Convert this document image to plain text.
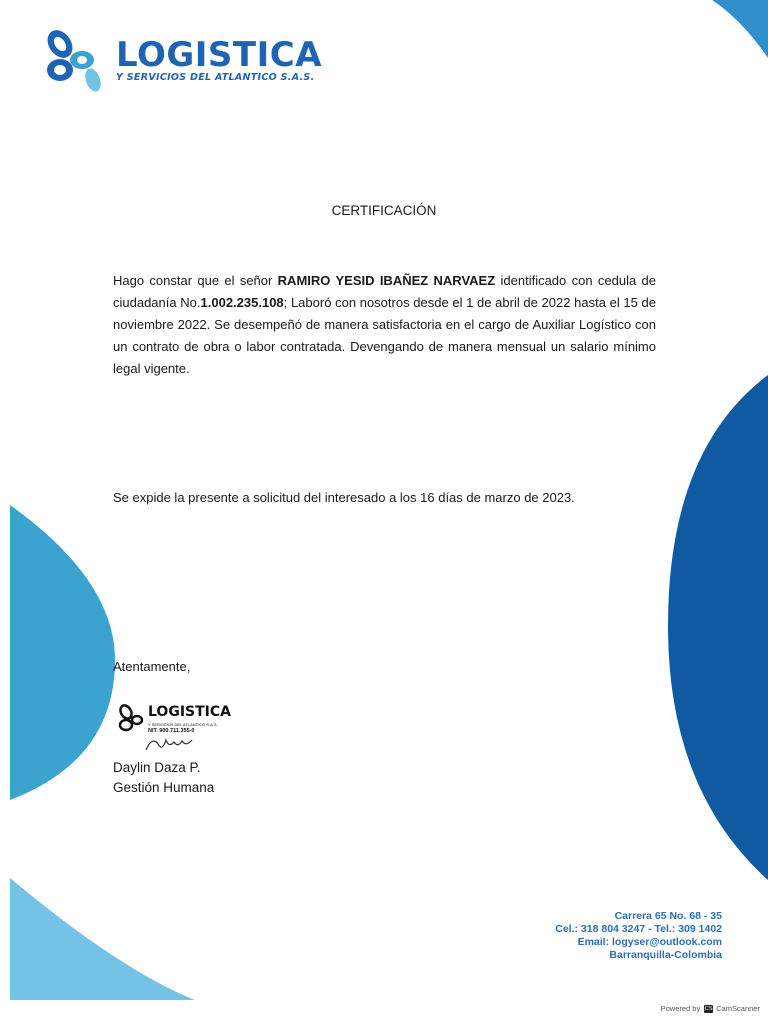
LOGISTICA
Y SERVICIOS DEL ATLANTICO S.A.S.
CERTIFICACIÓN
Hago constar que el señor RAMIRO YESID IBAÑEZ NARVAEZ identificado con cedula de ciudadanía No.1.002.235.108; Laboró con nosotros desde el 1 de abril de 2022 hasta el 15 de noviembre 2022. Se desempeñó de manera satisfactoria en el cargo de Auxiliar Logístico con un contrato de obra o labor contratada. Devengando de manera mensual un salario mínimo legal vigente.
Se expide la presente a solicitud del interesado a los 16 días de marzo de 2023.
Atentamente,
LOGISTICA
Y SERVICIOS DEL ATLANTICO S.A.S.
NIT. 900.711.355-0
Daylin Daza P.
Gestión Humana
Carrera 65 No. 68 - 35
Cel.: 318 804 3247 - Tel.: 309 1402
Email: logyser@outlook.com
Barranquilla-Colombia
Powered by CS CamScanner
